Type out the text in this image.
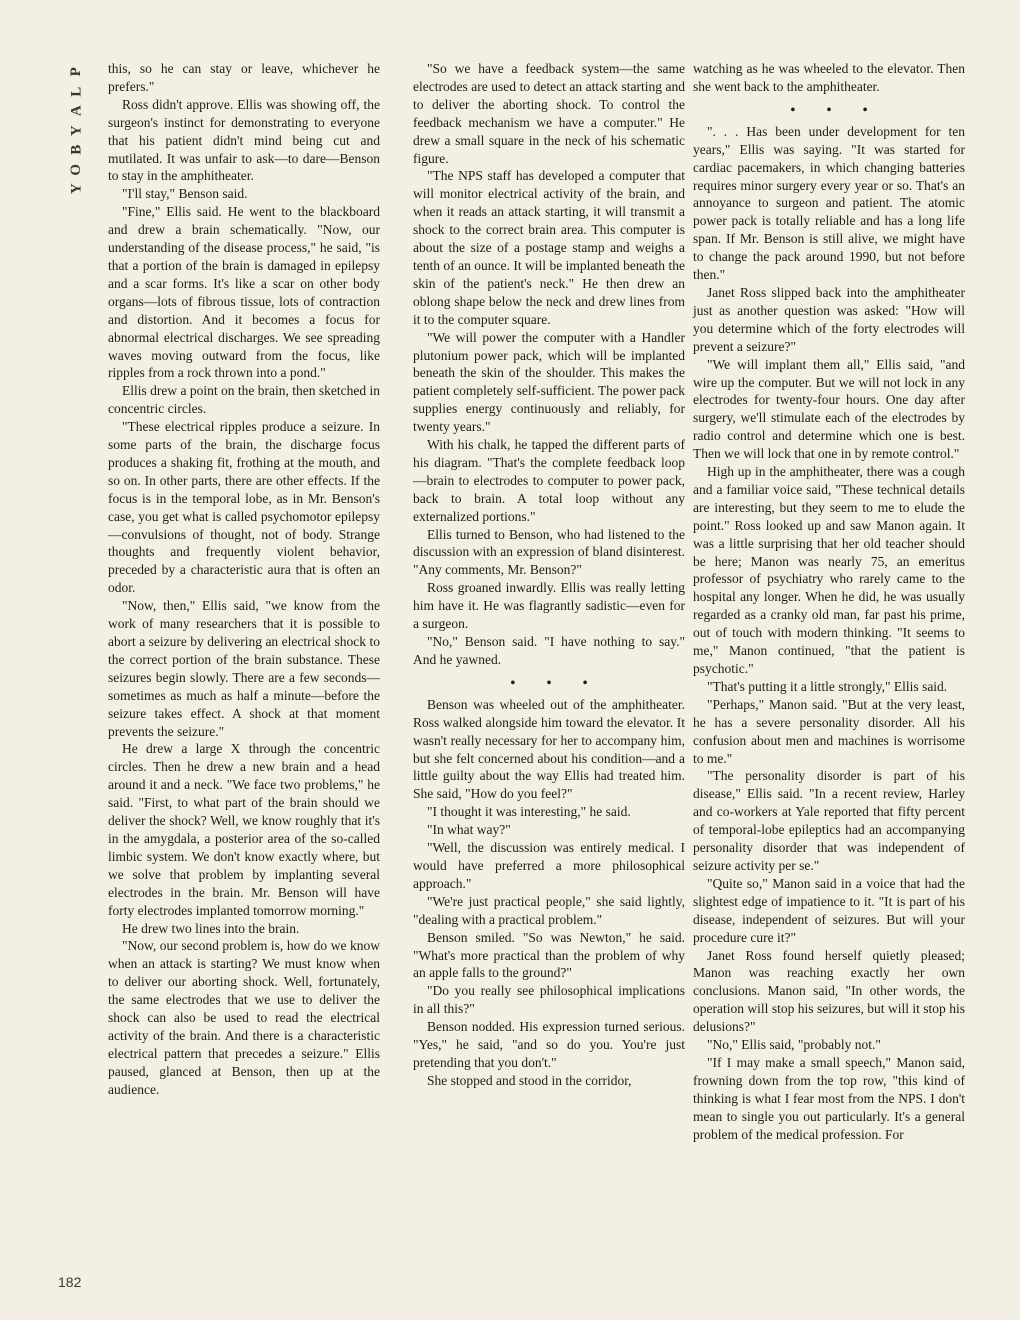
P
L
A
Y
B
O
Y
182

this, so he can stay or leave, whichever he prefers."

Ross didn't approve. Ellis was showing off, the surgeon's instinct for demonstrating to everyone that his patient didn't mind being cut and mutilated. It was unfair to ask—to dare—Benson to stay in the amphitheater.

"I'll stay," Benson said.

"Fine," Ellis said. He went to the blackboard and drew a brain schematically. "Now, our understanding of the disease process," he said, "is that a portion of the brain is damaged in epilepsy and a scar forms. It's like a scar on other body organs—lots of fibrous tissue, lots of contraction and distortion. And it becomes a focus for abnormal electrical discharges. We see spreading waves moving outward from the focus, like ripples from a rock thrown into a pond."

Ellis drew a point on the brain, then sketched in concentric circles.

"These electrical ripples produce a seizure. In some parts of the brain, the discharge focus produces a shaking fit, frothing at the mouth, and so on. In other parts, there are other effects. If the focus is in the temporal lobe, as in Mr. Benson's case, you get what is called psychomotor epilepsy—convulsions of thought, not of body. Strange thoughts and frequently violent behavior, preceded by a characteristic aura that is often an odor.

"Now, then," Ellis said, "we know from the work of many researchers that it is possible to abort a seizure by delivering an electrical shock to the correct portion of the brain substance. These seizures begin slowly. There are a few seconds—sometimes as much as half a minute—before the seizure takes effect. A shock at that moment prevents the seizure."

He drew a large X through the concentric circles. Then he drew a new brain and a head around it and a neck. "We face two problems," he said. "First, to what part of the brain should we deliver the shock? Well, we know roughly that it's in the amygdala, a posterior area of the so-called limbic system. We don't know exactly where, but we solve that problem by implanting several electrodes in the brain. Mr. Benson will have forty electrodes implanted tomorrow morning."

He drew two lines into the brain.

"Now, our second problem is, how do we know when an attack is starting? We must know when to deliver our aborting shock. Well, fortunately, the same electrodes that we use to deliver the shock can also be used to read the electrical activity of the brain. And there is a characteristic electrical pattern that precedes a seizure." Ellis paused, glanced at Benson, then up at the audience.

"So we have a feedback system—the same electrodes are used to detect an attack starting and to deliver the aborting shock. To control the feedback mechanism we have a computer." He drew a small square in the neck of his schematic figure.

"The NPS staff has developed a computer that will monitor electrical activity of the brain, and when it reads an attack starting, it will transmit a shock to the correct brain area. This computer is about the size of a postage stamp and weighs a tenth of an ounce. It will be implanted beneath the skin of the patient's neck." He then drew an oblong shape below the neck and drew lines from it to the computer square.

"We will power the computer with a Handler plutonium power pack, which will be implanted beneath the skin of the shoulder. This makes the patient completely self-sufficient. The power pack supplies energy continuously and reliably, for twenty years."

With his chalk, he tapped the different parts of his diagram. "That's the complete feedback loop—brain to electrodes to computer to power pack, back to brain. A total loop without any externalized portions."

Ellis turned to Benson, who had listened to the discussion with an expression of bland disinterest. "Any comments, Mr. Benson?"

Ross groaned inwardly. Ellis was really letting him have it. He was flagrantly sadistic—even for a surgeon.

"No," Benson said. "I have nothing to say." And he yawned.

• • •

Benson was wheeled out of the amphitheater. Ross walked alongside him toward the elevator. It wasn't really necessary for her to accompany him, but she felt concerned about his condition—and a little guilty about the way Ellis had treated him. She said, "How do you feel?"

"I thought it was interesting," he said.

"In what way?"

"Well, the discussion was entirely medical. I would have preferred a more philosophical approach."

"We're just practical people," she said lightly, "dealing with a practical problem."

Benson smiled. "So was Newton," he said. "What's more practical than the problem of why an apple falls to the ground?"

"Do you really see philosophical implications in all this?"

Benson nodded. His expression turned serious. "Yes," he said, "and so do you. You're just pretending that you don't."

She stopped and stood in the corridor,

watching as he was wheeled to the elevator. Then she went back to the amphitheater.

• • •

". . . Has been under development for ten years," Ellis was saying. "It was started for cardiac pacemakers, in which changing batteries requires minor surgery every year or so. That's an annoyance to surgeon and patient. The atomic power pack is totally reliable and has a long life span. If Mr. Benson is still alive, we might have to change the pack around 1990, but not before then."

Janet Ross slipped back into the amphitheater just as another question was asked: "How will you determine which of the forty electrodes will prevent a seizure?"

"We will implant them all," Ellis said, "and wire up the computer. But we will not lock in any electrodes for twenty-four hours. One day after surgery, we'll stimulate each of the electrodes by radio control and determine which one is best. Then we will lock that one in by remote control."

High up in the amphitheater, there was a cough and a familiar voice said, "These technical details are interesting, but they seem to me to elude the point." Ross looked up and saw Manon again. It was a little surprising that her old teacher should be here; Manon was nearly 75, an emeritus professor of psychiatry who rarely came to the hospital any longer. When he did, he was usually regarded as a cranky old man, far past his prime, out of touch with modern thinking. "It seems to me," Manon continued, "that the patient is psychotic."

"That's putting it a little strongly," Ellis said.

"Perhaps," Manon said. "But at the very least, he has a severe personality disorder. All his confusion about men and machines is worrisome to me."

"The personality disorder is part of his disease," Ellis said. "In a recent review, Harley and co-workers at Yale reported that fifty percent of temporal-lobe epileptics had an accompanying personality disorder that was independent of seizure activity per se."

"Quite so," Manon said in a voice that had the slightest edge of impatience to it. "It is part of his disease, independent of seizures. But will your procedure cure it?"

Janet Ross found herself quietly pleased; Manon was reaching exactly her own conclusions. Manon said, "In other words, the operation will stop his seizures, but will it stop his delusions?"

"No," Ellis said, "probably not."

"If I may make a small speech," Manon said, frowning down from the top row, "this kind of thinking is what I fear most from the NPS. I don't mean to single you out particularly. It's a general problem of the medical profession. For
